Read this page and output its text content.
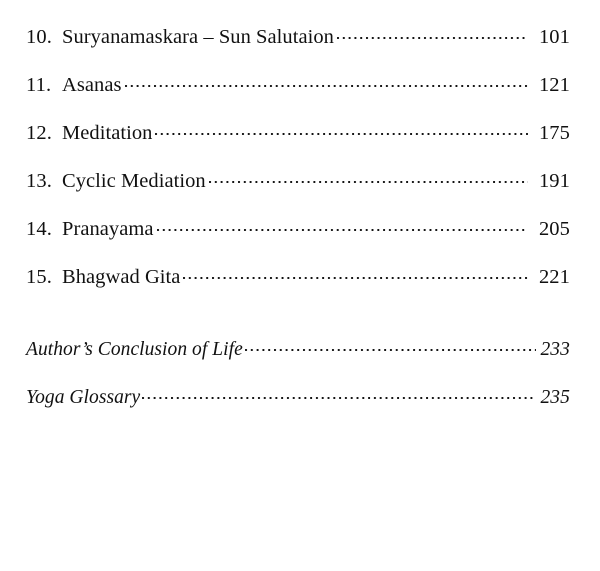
10. Suryanamaskara – Sun Salutaion	101
11. Asanas	121
12. Meditation	175
13. Cyclic Mediation	191
14. Pranayama	205
15. Bhagwad Gita	221
Author’s Conclusion of Life	233
Yoga Glossary	235
